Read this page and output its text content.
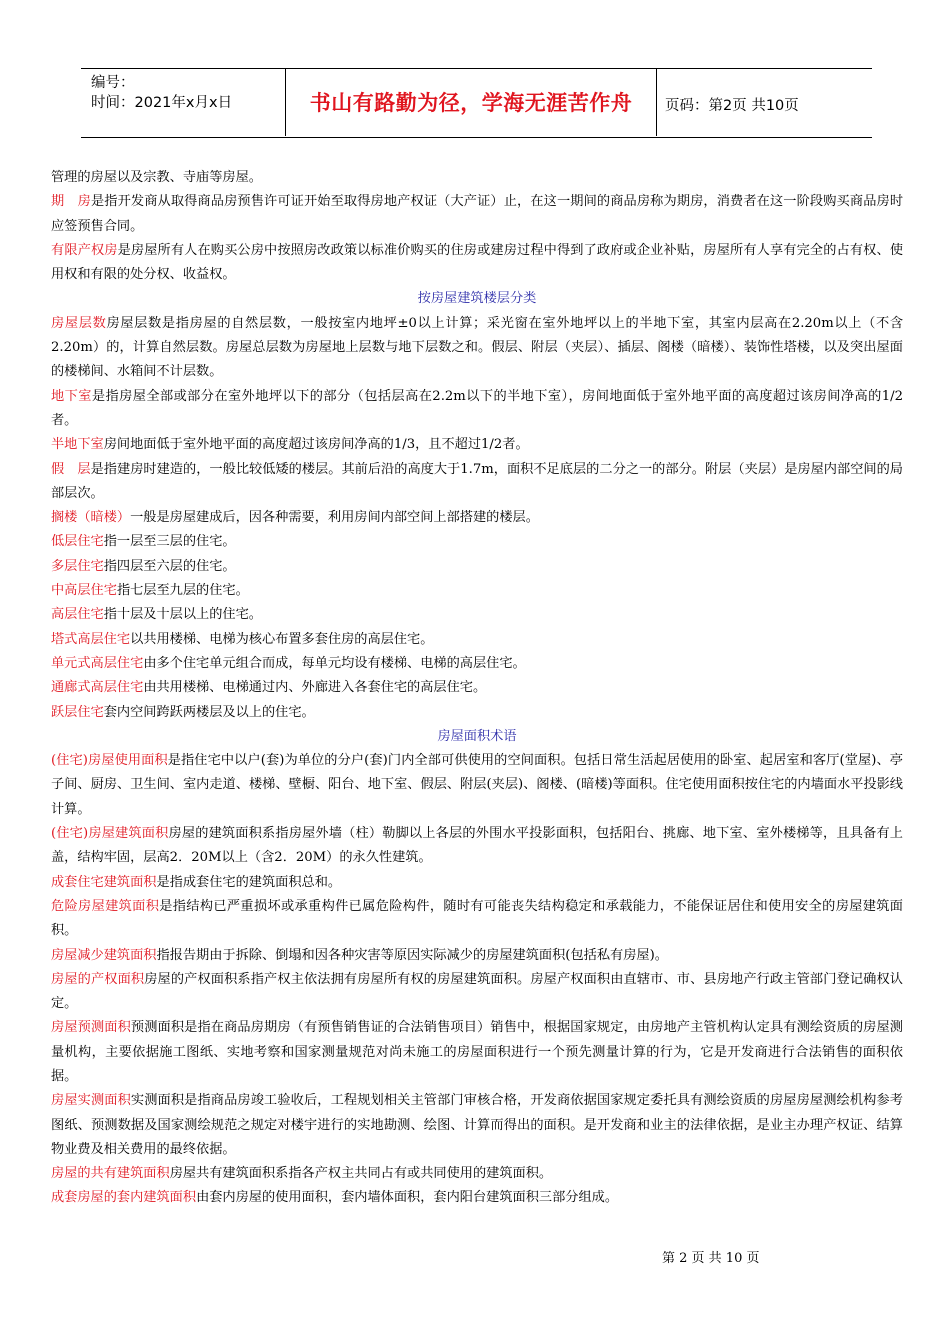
编号：
时间：2021年x月x日	书山有路勤为径，学海无涯苦作舟	页码：第2页 共10页

管理的房屋以及宗教、寺庙等房屋。

期　房是指开发商从取得商品房预售许可证开始至取得房地产权证（大产证）止，在这一期间的商品房称为期房，消费者在这一阶段购买商品房时应签预售合同。

有限产权房是房屋所有人在购买公房中按照房改政策以标准价购买的住房或建房过程中得到了政府或企业补贴，房屋所有人享有完全的占有权、使用权和有限的处分权、收益权。

按房屋建筑楼层分类

房屋层数房屋层数是指房屋的自然层数，一般按室内地坪±0以上计算；采光窗在室外地坪以上的半地下室，其室内层高在2.20m以上（不含2.20m）的，计算自然层数。房屋总层数为房屋地上层数与地下层数之和。假层、附层（夹层）、插层、阁楼（暗楼）、装饰性塔楼，以及突出屋面的楼梯间、水箱间不计层数。

地下室是指房屋全部或部分在室外地坪以下的部分（包括层高在2.2m以下的半地下室），房间地面低于室外地平面的高度超过该房间净高的1/2者。

半地下室房间地面低于室外地平面的高度超过该房间净高的1/3，且不超过1/2者。

假　层是指建房时建造的，一般比较低矮的楼层。其前后沿的高度大于1.7m，面积不足底层的二分之一的部分。附层（夹层）是房屋内部空间的局部层次。

搁楼（暗楼）一般是房屋建成后，因各种需要，利用房间内部空间上部搭建的楼层。

低层住宅指一层至三层的住宅。

多层住宅指四层至六层的住宅。

中高层住宅指七层至九层的住宅。

高层住宅指十层及十层以上的住宅。

塔式高层住宅以共用楼梯、电梯为核心布置多套住房的高层住宅。

单元式高层住宅由多个住宅单元组合而成，每单元均设有楼梯、电梯的高层住宅。

通廊式高层住宅由共用楼梯、电梯通过内、外廊进入各套住宅的高层住宅。

跃层住宅套内空间跨跃两楼层及以上的住宅。

房屋面积术语

(住宅)房屋使用面积是指住宅中以户(套)为单位的分户(套)门内全部可供使用的空间面积。包括日常生活起居使用的卧室、起居室和客厅(堂屋)、亭子间、厨房、卫生间、室内走道、楼梯、壁橱、阳台、地下室、假层、附层(夹层)、阁楼、(暗楼)等面积。住宅使用面积按住宅的内墙面水平投影线计算。

(住宅)房屋建筑面积房屋的建筑面积系指房屋外墙（柱）勒脚以上各层的外围水平投影面积，包括阳台、挑廊、地下室、室外楼梯等，且具备有上盖，结构牢固，层高2．20M以上（含2．20M）的永久性建筑。

成套住宅建筑面积是指成套住宅的建筑面积总和。

危险房屋建筑面积是指结构已严重损坏或承重构件已属危险构件，随时有可能丧失结构稳定和承载能力，不能保证居住和使用安全的房屋建筑面积。

房屋减少建筑面积指报告期由于拆除、倒塌和因各种灾害等原因实际减少的房屋建筑面积(包括私有房屋)。

房屋的产权面积房屋的产权面积系指产权主依法拥有房屋所有权的房屋建筑面积。房屋产权面积由直辖市、市、县房地产行政主管部门登记确权认定。

房屋预测面积预测面积是指在商品房期房（有预售销售证的合法销售项目）销售中，根据国家规定，由房地产主管机构认定具有测绘资质的房屋测量机构，主要依据施工图纸、实地考察和国家测量规范对尚未施工的房屋面积进行一个预先测量计算的行为，它是开发商进行合法销售的面积依据。

房屋实测面积实测面积是指商品房竣工验收后，工程规划相关主管部门审核合格，开发商依据国家规定委托具有测绘资质的房屋房屋测绘机构参考图纸、预测数据及国家测绘规范之规定对楼宇进行的实地勘测、绘图、计算而得出的面积。是开发商和业主的法律依据，是业主办理产权证、结算物业费及相关费用的最终依据。

房屋的共有建筑面积房屋共有建筑面积系指各产权主共同占有或共同使用的建筑面积。

成套房屋的套内建筑面积由套内房屋的使用面积，套内墙体面积，套内阳台建筑面积三部分组成。

第 2 页 共 10 页
